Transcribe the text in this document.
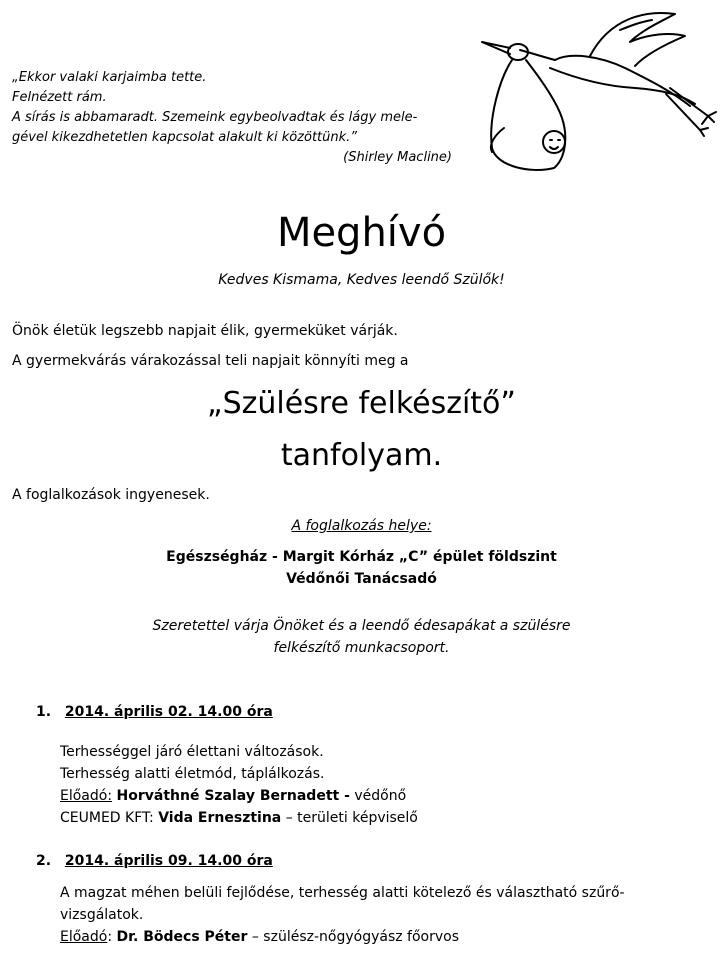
„Ekkor valaki karjaimba tette.
Felnézett rám.
A sírás is abbamaradt. Szemeink egybeolvadtak és lágy mele-
gével kikezdhetetlen kapcsolat alakult ki közöttünk.”
(Shirley Macline)
Meghívó
Kedves Kismama, Kedves leendő Szülők!
Önök életük legszebb napjait élik, gyermeküket várják.
A gyermekvárás várakozással teli napjait könnyíti meg a
„Szülésre felkészítő”
tanfolyam.
A foglalkozások ingyenesek.
A foglalkozás helye:
Egészségház - Margit Kórház „C” épület földszint
Védőnői Tanácsadó
Szeretettel várja Önöket és a leendő édesapákat a szülésre
felkészítő munkacsoport.
1. 2014. április 02. 14.00 óra
Terhességgel járó élettani változások.
Terhesség alatti életmód, táplálkozás.
Előadó: Horváthné Szalay Bernadett - védőnő
CEUMED KFT: Vida Ernesztina – területi képviselő
2. 2014. április 09. 14.00 óra
A magzat méhen belüli fejlődése, terhesség alatti kötelező és választható szűrő-
vizsgálatok.
Előadó: Dr. Bödecs Péter – szülész-nőgyógyász főorvos
